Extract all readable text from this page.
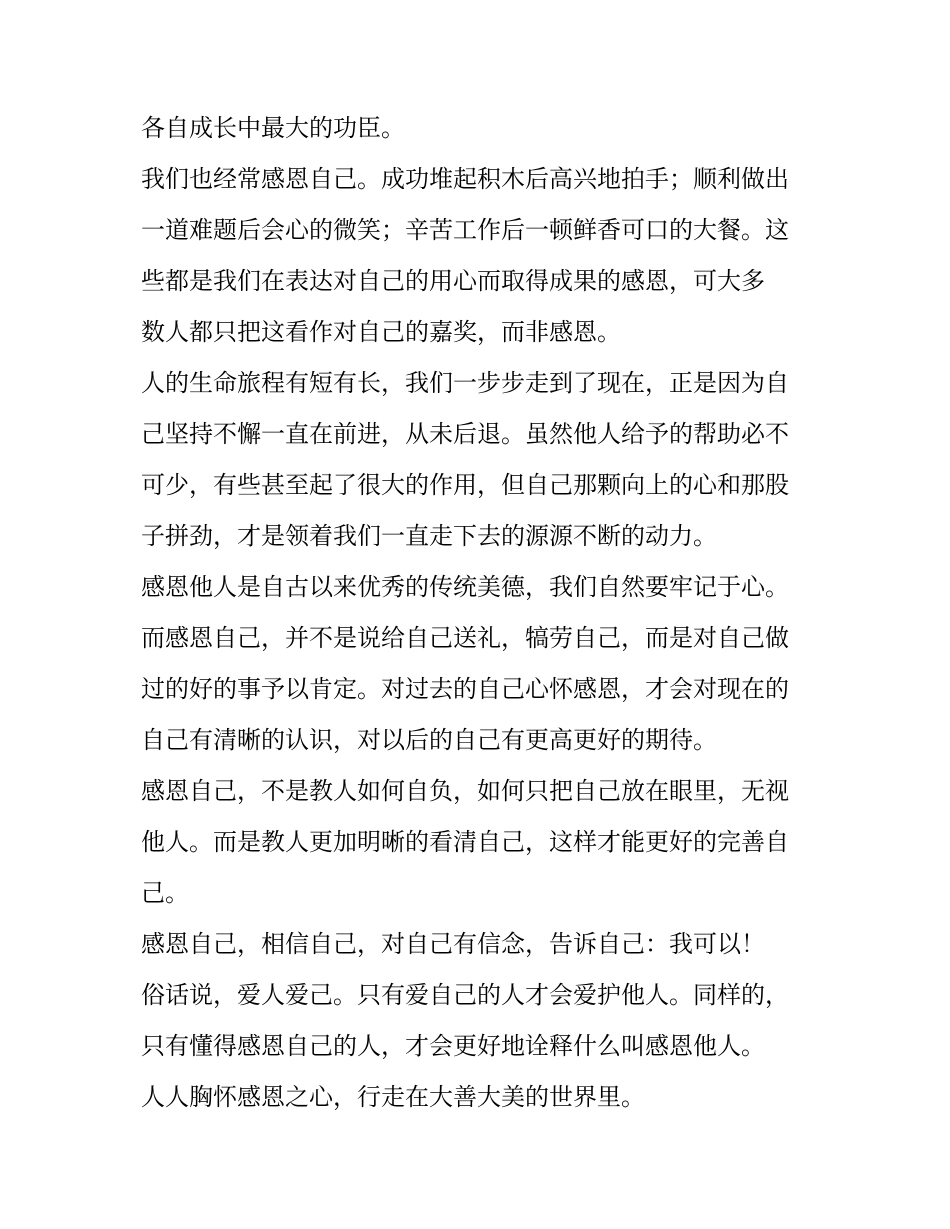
各自成长中最大的功臣。
我们也经常感恩自己。成功堆起积木后高兴地拍手；顺利做出
一道难题后会心的微笑；辛苦工作后一顿鲜香可口的大餐。这
些都是我们在表达对自己的用心而取得成果的感恩，可大多
数人都只把这看作对自己的嘉奖，而非感恩。
人的生命旅程有短有长，我们一步步走到了现在，正是因为自
己坚持不懈一直在前进，从未后退。虽然他人给予的帮助必不
可少，有些甚至起了很大的作用，但自己那颗向上的心和那股
子拼劲，才是领着我们一直走下去的源源不断的动力。
感恩他人是自古以来优秀的传统美德，我们自然要牢记于心。
而感恩自己，并不是说给自己送礼，犒劳自己，而是对自己做
过的好的事予以肯定。对过去的自己心怀感恩，才会对现在的
自己有清晰的认识，对以后的自己有更高更好的期待。
感恩自己，不是教人如何自负，如何只把自己放在眼里，无视
他人。而是教人更加明晰的看清自己，这样才能更好的完善自
己。
感恩自己，相信自己，对自己有信念，告诉自己：我可以！
俗话说，爱人爱己。只有爱自己的人才会爱护他人。同样的，
只有懂得感恩自己的人，才会更好地诠释什么叫感恩他人。
人人胸怀感恩之心，行走在大善大美的世界里。
